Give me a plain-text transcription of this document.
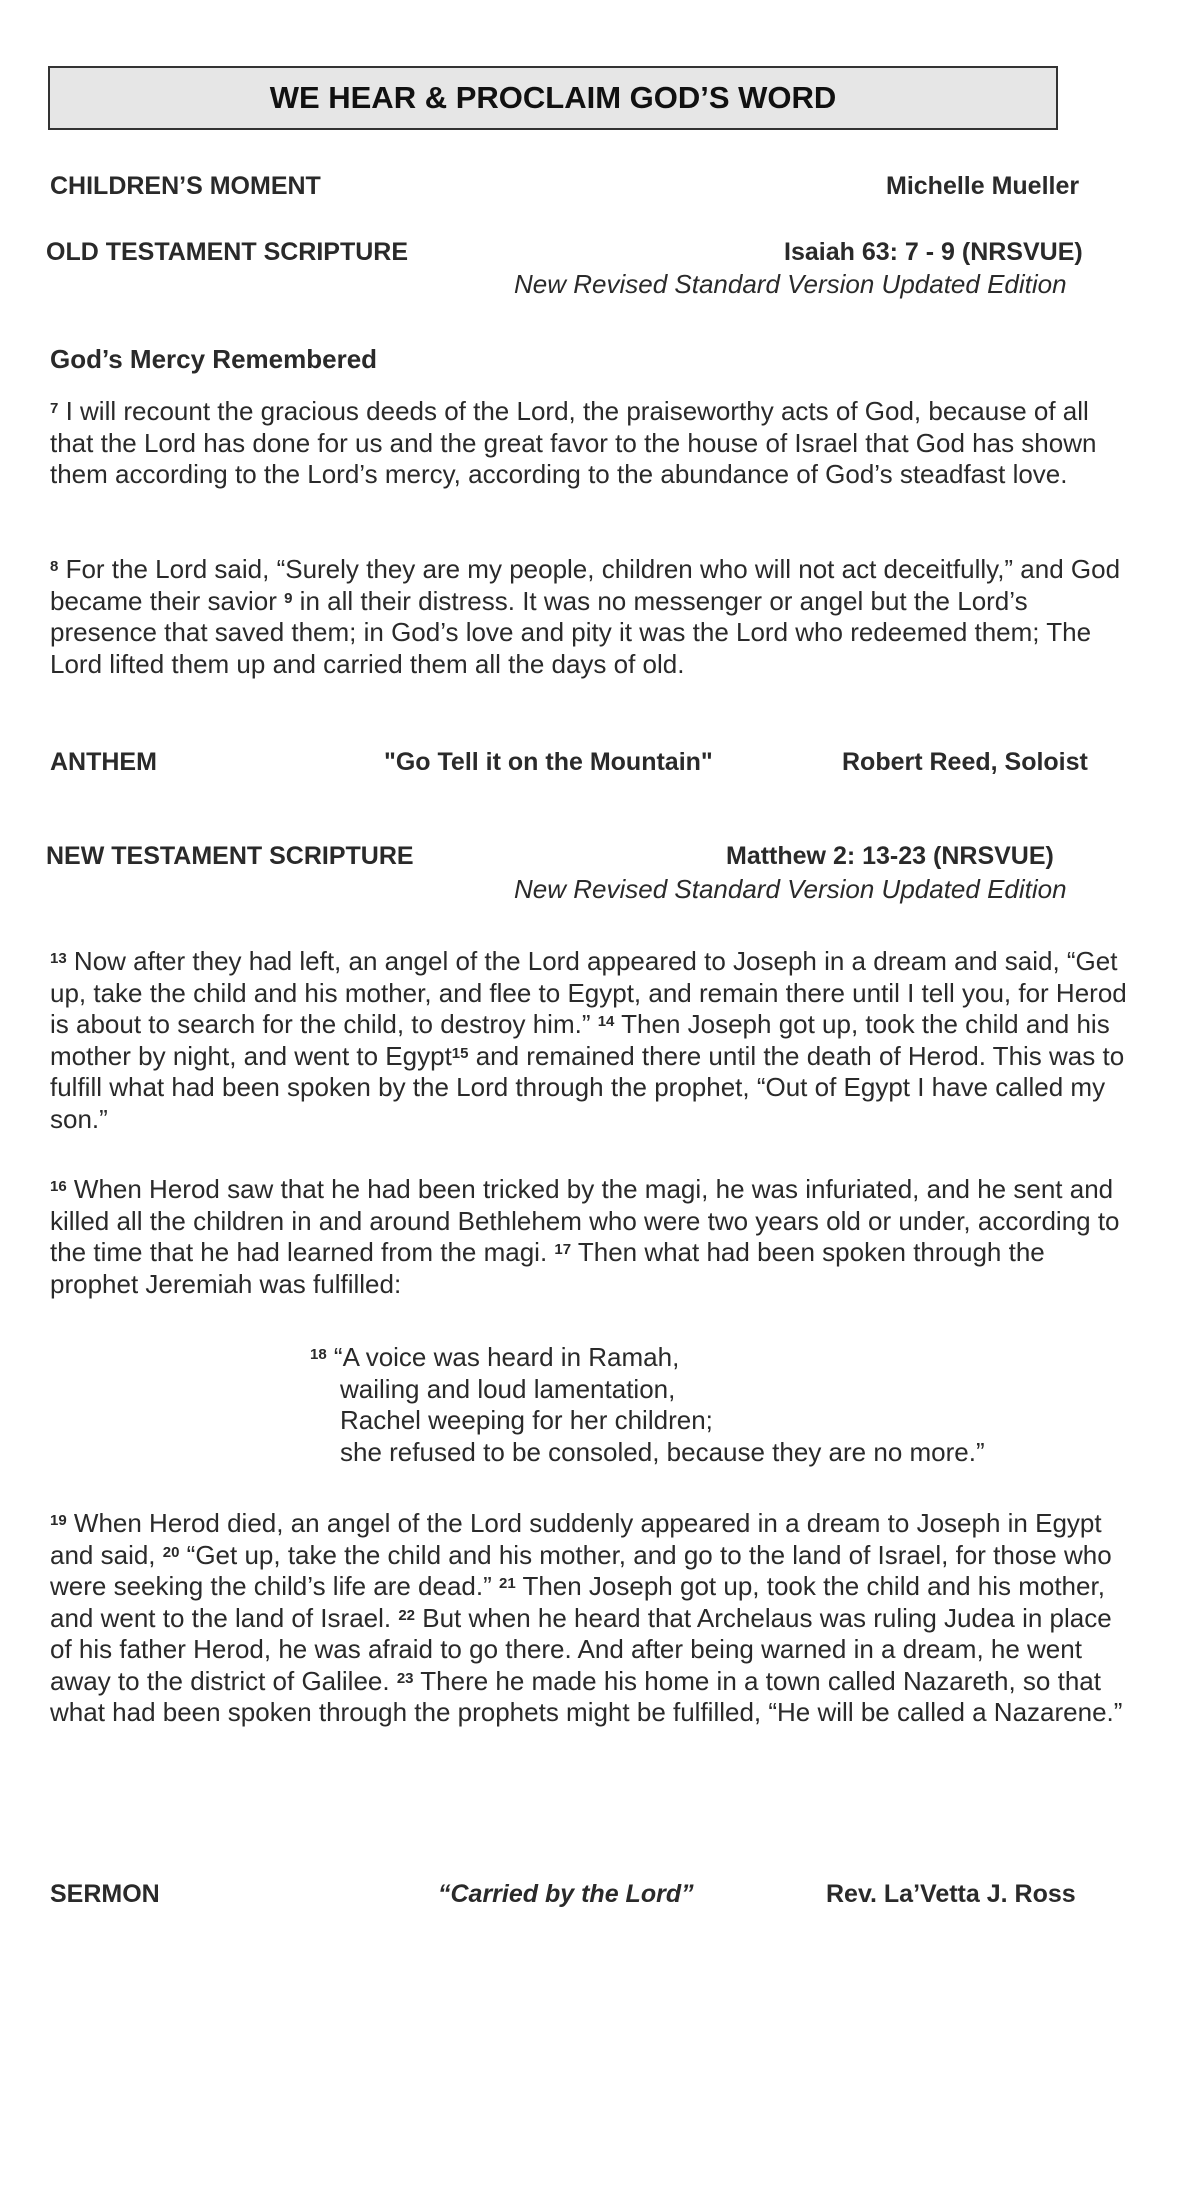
WE HEAR & PROCLAIM GOD’S WORD
CHILDREN’S MOMENT	Michelle Mueller
OLD TESTAMENT SCRIPTURE	Isaiah 63: 7 - 9 (NRSVUE)
New Revised Standard Version Updated Edition
God’s Mercy Remembered
$^7$ I will recount the gracious deeds of the Lord, the praiseworthy acts of God, because of all that the Lord has done for us and the great favor to the house of Israel that God has shown them according to the Lord’s mercy, according to the abundance of God’s steadfast love.
$^8$ For the Lord said, “Surely they are my people, children who will not act deceitfully,” and God became their savior $^9$ in all their distress. It was no messenger or angel but the Lord’s presence that saved them; in God’s love and pity it was the Lord who redeemed them; The Lord lifted them up and carried them all the days of old.
ANTHEM	"Go Tell it on the Mountain"	Robert Reed, Soloist
NEW TESTAMENT SCRIPTURE	Matthew 2: 13-23 (NRSVUE)
New Revised Standard Version Updated Edition
$^{13}$ Now after they had left, an angel of the Lord appeared to Joseph in a dream and said, “Get up, take the child and his mother, and flee to Egypt, and remain there until I tell you, for Herod is about to search for the child, to destroy him.” $^{14}$ Then Joseph got up, took the child and his mother by night, and went to Egypt$^{15}$ and remained there until the death of Herod. This was to fulfill what had been spoken by the Lord through the prophet, “Out of Egypt I have called my son.”
$^{16}$ When Herod saw that he had been tricked by the magi, he was infuriated, and he sent and killed all the children in and around Bethlehem who were two years old or under, according to the time that he had learned from the magi. $^{17}$ Then what had been spoken through the prophet Jeremiah was fulfilled:
$^{18}$ “A voice was heard in Ramah,
wailing and loud lamentation,
Rachel weeping for her children;
she refused to be consoled, because they are no more.”
$^{19}$ When Herod died, an angel of the Lord suddenly appeared in a dream to Joseph in Egypt and said, $^{20}$ “Get up, take the child and his mother, and go to the land of Israel, for those who were seeking the child’s life are dead.” $^{21}$ Then Joseph got up, took the child and his mother, and went to the land of Israel. $^{22}$ But when he heard that Archelaus was ruling Judea in place of his father Herod, he was afraid to go there. And after being warned in a dream, he went away to the district of Galilee. $^{23}$ There he made his home in a town called Nazareth, so that what had been spoken through the prophets might be fulfilled, “He will be called a Nazarene.”
SERMON	“Carried by the Lord”	Rev. La’Vetta J. Ross
